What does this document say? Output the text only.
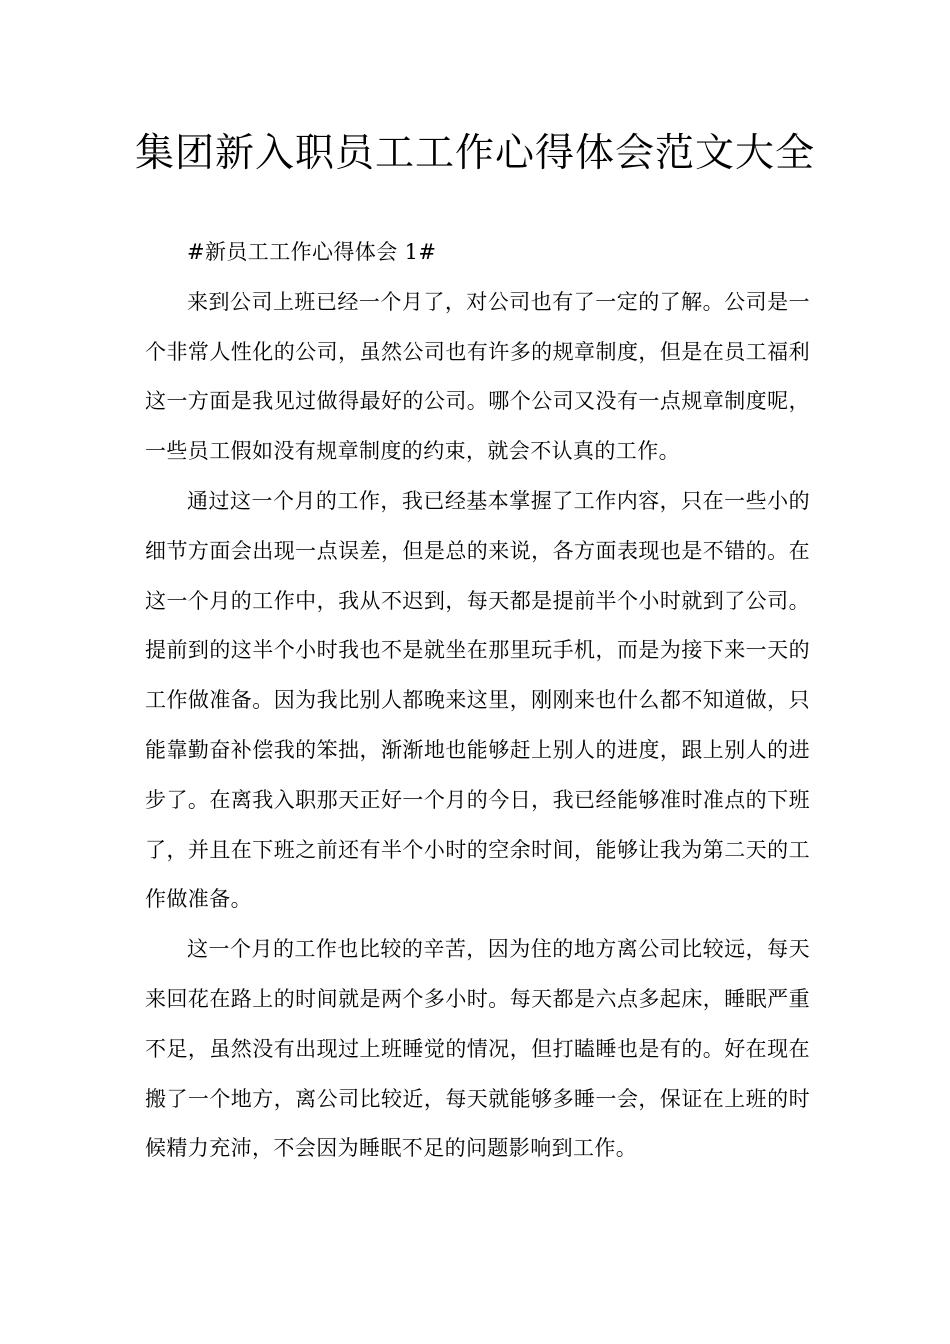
集团新入职员工工作心得体会范文大全

#新员工工作心得体会 1#

来到公司上班已经一个月了，对公司也有了一定的了解。公司是一个非常人性化的公司，虽然公司也有许多的规章制度，但是在员工福利这一方面是我见过做得最好的公司。哪个公司又没有一点规章制度呢，一些员工假如没有规章制度的约束，就会不认真的工作。

通过这一个月的工作，我已经基本掌握了工作内容，只在一些小的细节方面会出现一点误差，但是总的来说，各方面表现也是不错的。在这一个月的工作中，我从不迟到，每天都是提前半个小时就到了公司。提前到的这半个小时我也不是就坐在那里玩手机，而是为接下来一天的工作做准备。因为我比别人都晚来这里，刚刚来也什么都不知道做，只能靠勤奋补偿我的笨拙，渐渐地也能够赶上别人的进度，跟上别人的进步了。在离我入职那天正好一个月的今日，我已经能够准时准点的下班了，并且在下班之前还有半个小时的空余时间，能够让我为第二天的工作做准备。

这一个月的工作也比较的辛苦，因为住的地方离公司比较远，每天来回花在路上的时间就是两个多小时。每天都是六点多起床，睡眠严重不足，虽然没有出现过上班睡觉的情况，但打瞌睡也是有的。好在现在搬了一个地方，离公司比较近，每天就能够多睡一会，保证在上班的时候精力充沛，不会因为睡眠不足的问题影响到工作。
